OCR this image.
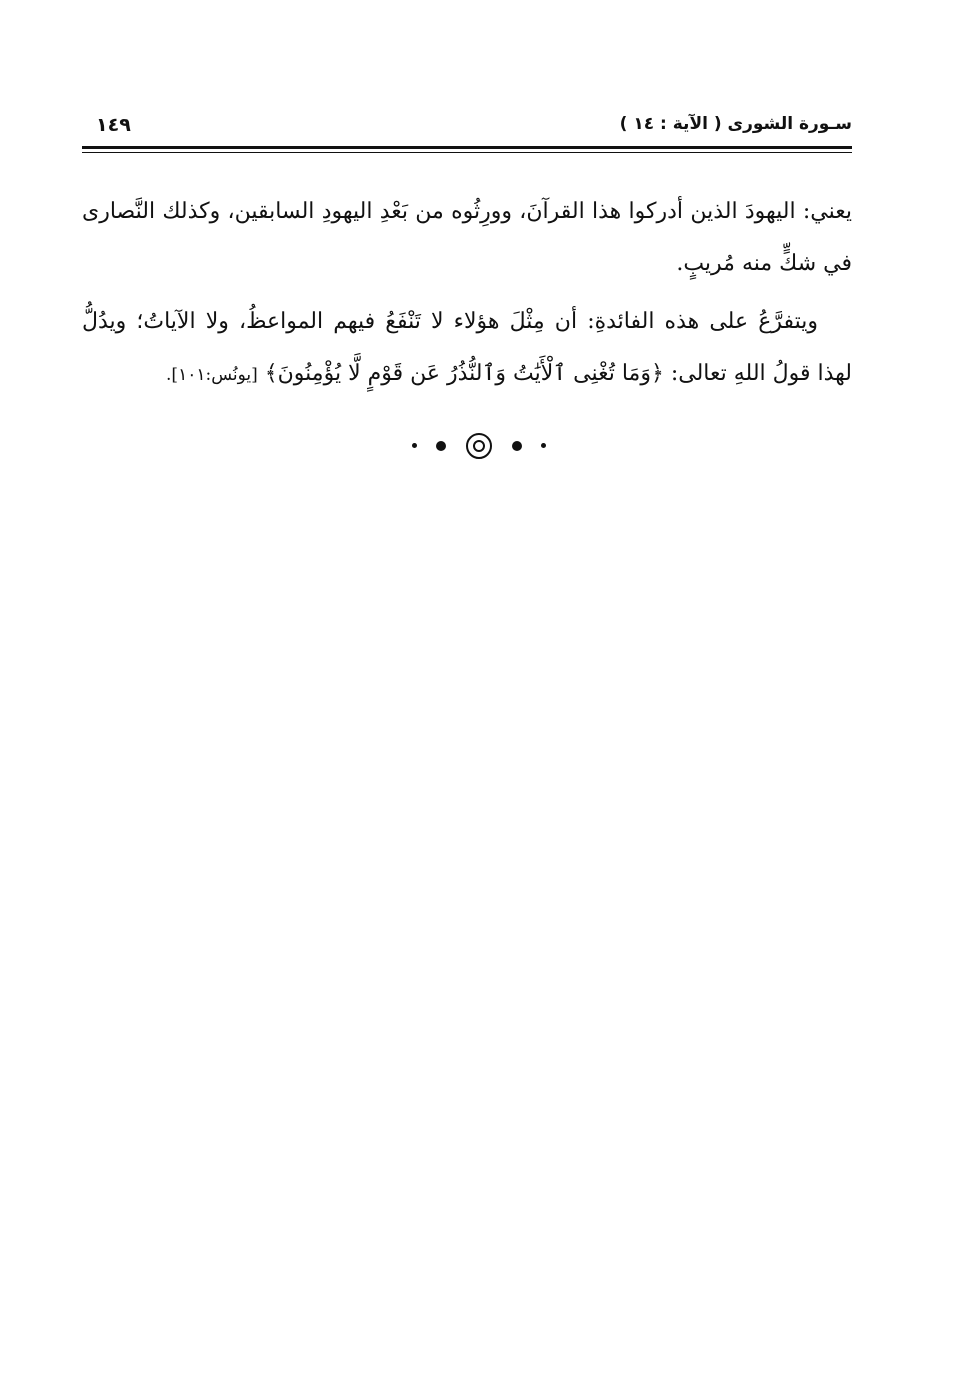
سـورة الشورى ( الآية : ١٤ )
١٤٩

يعني: اليهودَ الذين أدركوا هذا القرآنَ، وورِثُوه من بَعْدِ اليهودِ السابقين، وكذلك النَّصارى في شكٍّ منه مُريبٍ.

ويتفرَّعُ على هذه الفائدةِ: أن مِثْلَ هؤلاء لا تَنْفَعُ فيهم المواعظُ، ولا الآياتُ؛ ويدُلُّ لهذا قولُ اللهِ تعالى: ﴿وَمَا تُغْنِى ٱلْأَيَٰتُ وَٱلنُّذُرُ عَن قَوْمٍ لَّا يُؤْمِنُونَ﴾ [يونُس:١٠١].
